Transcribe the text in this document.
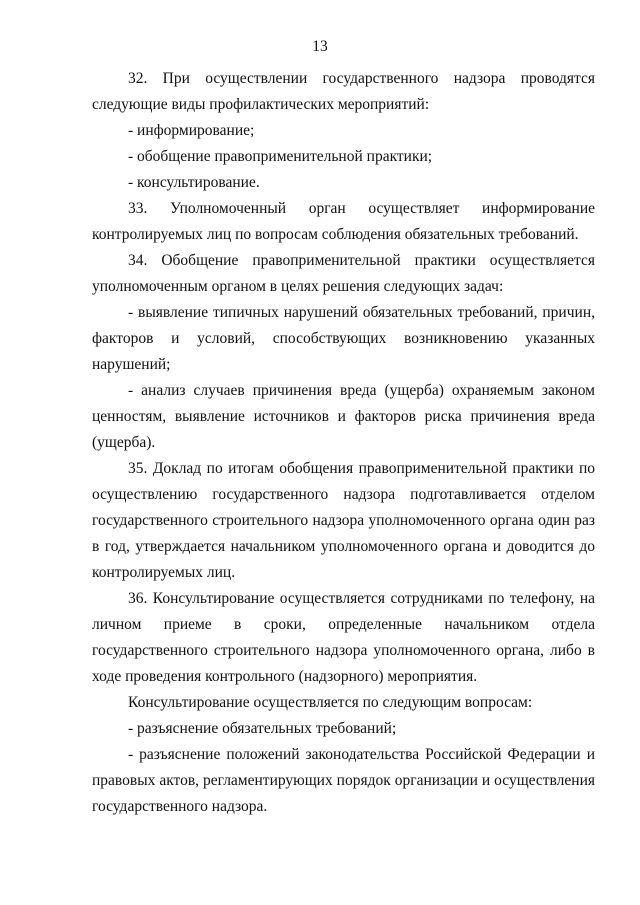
13

32. При осуществлении государственного надзора проводятся следующие виды профилактических мероприятий:

- информирование;

- обобщение правоприменительной практики;

- консультирование.

33. Уполномоченный орган осуществляет информирование контролируемых лиц по вопросам соблюдения обязательных требований.

34. Обобщение правоприменительной практики осуществляется уполномоченным органом в целях решения следующих задач:

- выявление типичных нарушений обязательных требований, причин, факторов и условий, способствующих возникновению указанных нарушений;

- анализ случаев причинения вреда (ущерба) охраняемым законом ценностям, выявление источников и факторов риска причинения вреда (ущерба).

35. Доклад по итогам обобщения правоприменительной практики по осуществлению государственного надзора подготавливается отделом государственного строительного надзора уполномоченного органа один раз в год, утверждается начальником уполномоченного органа и доводится до контролируемых лиц.

36. Консультирование осуществляется сотрудниками по телефону, на личном приеме в сроки, определенные начальником отдела государственного строительного надзора уполномоченного органа, либо в ходе проведения контрольного (надзорного) мероприятия.

Консультирование осуществляется по следующим вопросам:

- разъяснение обязательных требований;

- разъяснение положений законодательства Российской Федерации и правовых актов, регламентирующих порядок организации и осуществления государственного надзора.
